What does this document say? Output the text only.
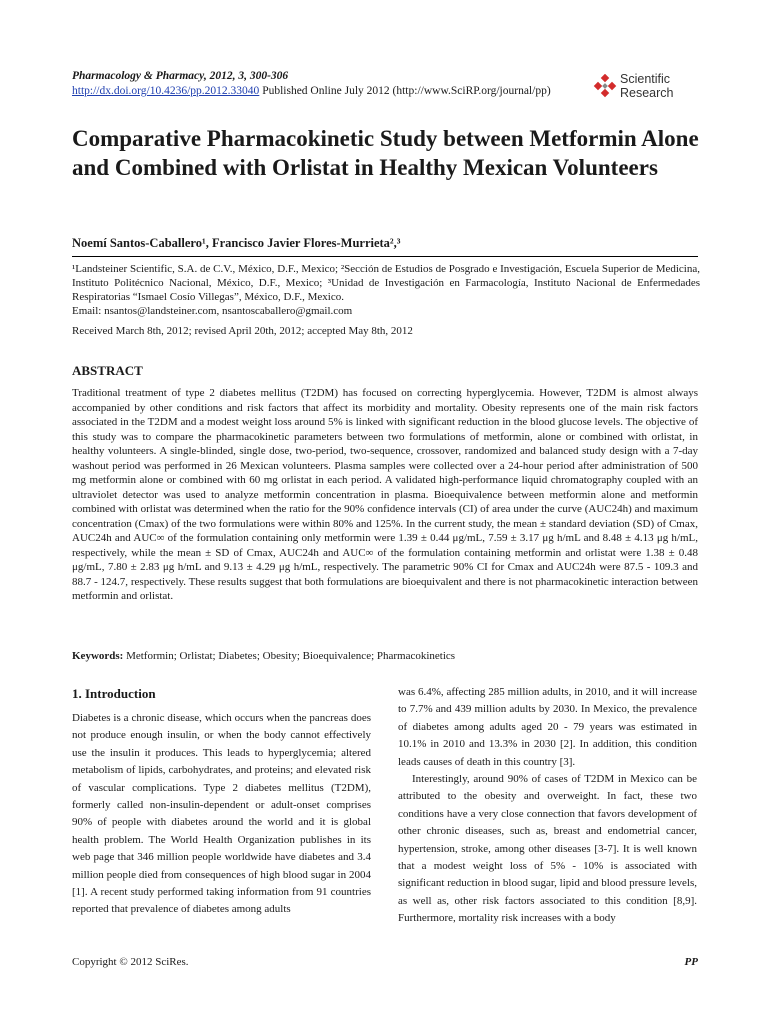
Pharmacology & Pharmacy, 2012, 3, 300-306
http://dx.doi.org/10.4236/pp.2012.33040 Published Online July 2012 (http://www.SciRP.org/journal/pp)
Scientific
Research
Comparative Pharmacokinetic Study between Metformin Alone and Combined with Orlistat in Healthy Mexican Volunteers
Noemí Santos-Caballero¹, Francisco Javier Flores-Murrieta²,³
¹Landsteiner Scientific, S.A. de C.V., México, D.F., Mexico; ²Sección de Estudios de Posgrado e Investigación, Escuela Superior de Medicina, Instituto Politécnico Nacional, México, D.F., Mexico; ³Unidad de Investigación en Farmacología, Instituto Nacional de Enfermedades Respiratorias “Ismael Cosío Villegas”, México, D.F., Mexico.
Email: nsantos@landsteiner.com, nsantoscaballero@gmail.com
Received March 8th, 2012; revised April 20th, 2012; accepted May 8th, 2012
ABSTRACT
Traditional treatment of type 2 diabetes mellitus (T2DM) has focused on correcting hyperglycemia. However, T2DM is almost always accompanied by other conditions and risk factors that affect its morbidity and mortality. Obesity represents one of the main risk factors associated in the T2DM and a modest weight loss around 5% is linked with significant reduction in the blood glucose levels. The objective of this study was to compare the pharmacokinetic parameters between two formulations of metformin, alone or combined with orlistat, in healthy volunteers. A single-blinded, single dose, two-period, two-sequence, crossover, randomized and balanced study design with a 7-day washout period was performed in 26 Mexican volunteers. Plasma samples were collected over a 24-hour period after administration of 500 mg metformin alone or combined with 60 mg orlistat in each period. A validated high-performance liquid chromatography coupled with an ultraviolet detector was used to analyze metformin concentration in plasma. Bioequivalence between metformin alone and metformin combined with orlistat was determined when the ratio for the 90% confidence intervals (CI) of area under the curve (AUC24h) and maximum concentration (Cmax) of the two formulations were within 80% and 125%. In the current study, the mean ± standard deviation (SD) of Cmax, AUC24h and AUC∞ of the formulation containing only metformin were 1.39 ± 0.44 μg/mL, 7.59 ± 3.17 μg h/mL and 8.48 ± 4.13 μg h/mL, respectively, while the mean ± SD of Cmax, AUC24h and AUC∞ of the formulation containing metformin and orlistat were 1.38 ± 0.48 μg/mL, 7.80 ± 2.83 μg h/mL and 9.13 ± 4.29 μg h/mL, respectively. The parametric 90% CI for Cmax and AUC24h were 87.5 - 109.3 and 88.7 - 124.7, respectively. These results suggest that both formulations are bioequivalent and there is not pharmacokinetic interaction between metformin and orlistat.
Keywords: Metformin; Orlistat; Diabetes; Obesity; Bioequivalence; Pharmacokinetics
1. Introduction

Diabetes is a chronic disease, which occurs when the pancreas does not produce enough insulin, or when the body cannot effectively use the insulin it produces. This leads to hyperglycemia; altered metabolism of lipids, carbohydrates, and proteins; and elevated risk of vascular complications. Type 2 diabetes mellitus (T2DM), formerly called non-insulin-dependent or adult-onset comprises 90% of people with diabetes around the world and it is global health problem. The World Health Organization publishes in its web page that 346 million people worldwide have diabetes and 3.4 million people died from consequences of high blood sugar in 2004 [1]. A recent study performed taking information from 91 countries reported that prevalence of diabetes among adults

was 6.4%, affecting 285 million adults, in 2010, and it will increase to 7.7% and 439 million adults by 2030. In Mexico, the prevalence of diabetes among adults aged 20 - 79 years was estimated in 10.1% in 2010 and 13.3% in 2030 [2]. In addition, this condition leads causes of death in this country [3].

Interestingly, around 90% of cases of T2DM in Mexico can be attributed to the obesity and overweight. In fact, these two conditions have a very close connection that favors development of other chronic diseases, such as, breast and endometrial cancer, hypertension, stroke, among other diseases [3-7]. It is well known that a modest weight loss of 5% - 10% is associated with significant reduction in blood sugar, lipid and blood pressure levels, as well as, other risk factors associated to this condition [8,9]. Furthermore, mortality risk increases with a body

Copyright © 2012 SciRes.	PP
